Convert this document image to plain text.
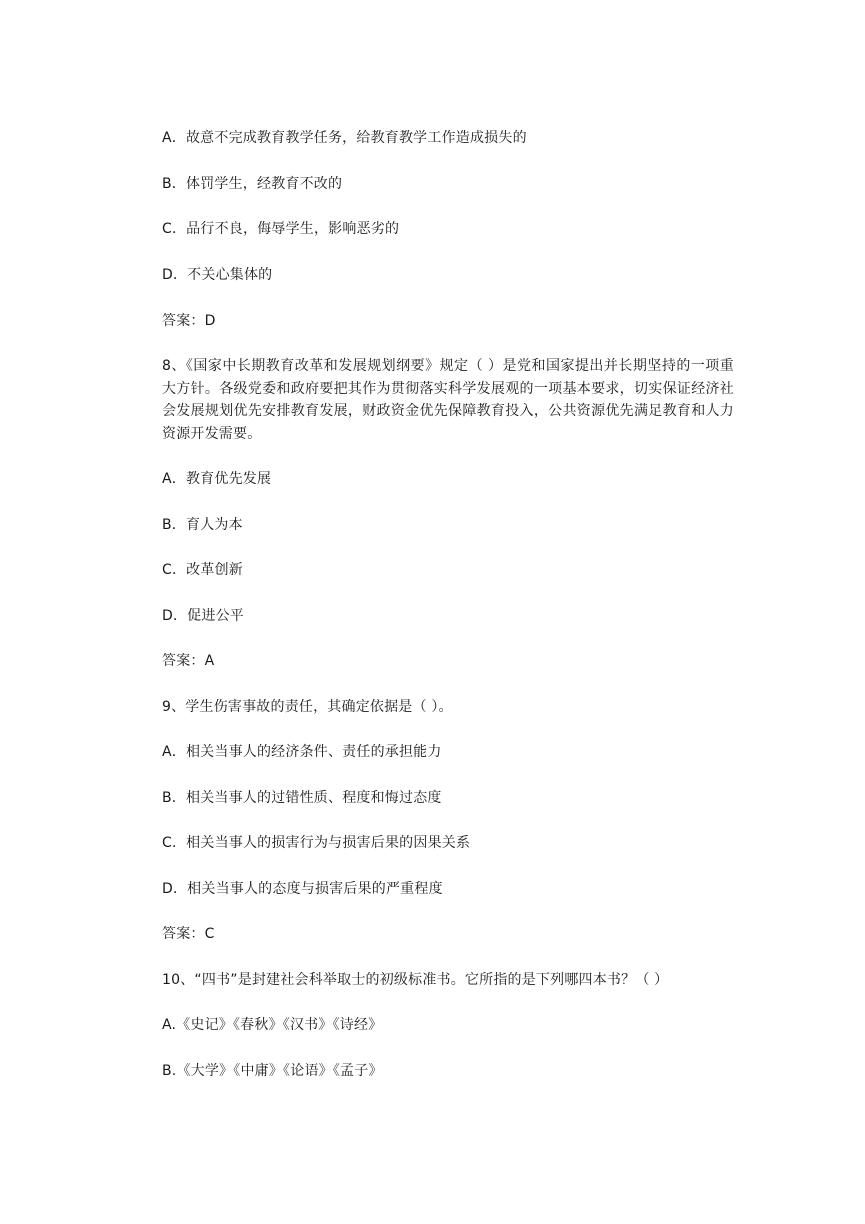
A．故意不完成教育教学任务，给教育教学工作造成损失的
B．体罚学生，经教育不改的
C．品行不良，侮辱学生，影响恶劣的
D．不关心集体的
答案：D
8、《国家中长期教育改革和发展规划纲要》规定（ ）是党和国家提出并长期坚持的一项重大方针。各级党委和政府要把其作为贯彻落实科学发展观的一项基本要求，切实保证经济社会发展规划优先安排教育发展，财政资金优先保障教育投入，公共资源优先满足教育和人力资源开发需要。
A．教育优先发展
B．育人为本
C．改革创新
D．促进公平
答案：A
9、学生伤害事故的责任，其确定依据是（ ）。
A．相关当事人的经济条件、责任的承担能力
B．相关当事人的过错性质、程度和悔过态度
C．相关当事人的损害行为与损害后果的因果关系
D．相关当事人的态度与损害后果的严重程度
答案：C
10、“四书”是封建社会科举取士的初级标准书。它所指的是下列哪四本书？（ ）
A.《史记》《春秋》《汉书》《诗经》
B.《大学》《中庸》《论语》《孟子》
